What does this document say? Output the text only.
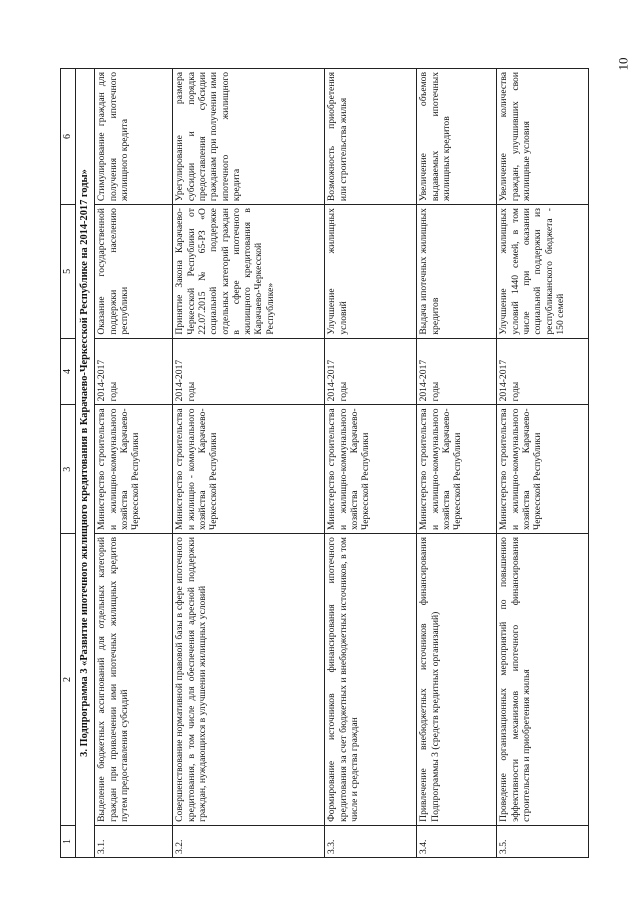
10
1	2	3	4	5	6
3. Подпрограмма 3 «Развитие ипотечного жилищного кредитования в Карачаево-Черкесской Республике на 2014-2017 годы»					
3.1.	Выделение бюджетных ассигнований для отдельных категорий граждан при привлечении ими ипотечных жилищных кредитов путем предоставления субсидий	Министерство строительства и жилищно-коммунального хозяйства Карачаево-Черкесской Республики	2014-2017 годы	Оказание государственной поддержки населению республики	Стимулирование граждан для получения ипотечного жилищного кредита
3.2.	Совершенствование нормативной правовой базы в сфере ипотечного кредитования, в том числе для обеспечения адресной поддержки граждан, нуждающихся в улучшении жилищных условий	Министерство строительства и жилищно - коммунального хозяйства Карачаево-Черкесской Республики	2014-2017 годы	Принятие Закона Карачаево-Черкесской Республики от 22.07.2015 № 65-РЗ «О социальной поддержке отдельных категорий граждан в сфере ипотечного жилищного кредитования в Карачаево-Черкесской Республике»	Урегулирование размера субсидии и порядка предоставления субсидии гражданам при получении ими ипотечного жилищного кредита
3.3.	Формирование источников финансирования ипотечного кредитования за счет бюджетных и внебюджетных источников, в том числе и средства граждан	Министерство строительства и жилищно-коммунального хозяйства Карачаево-Черкесской Республики	2014-2017 годы	Улучшение жилищных условий	Возможность приобретения или строительства жилья
3.4.	Привлечение внебюджетных источников финансирования Подпрограммы 3 (средств кредитных организаций)	Министерство строительства и жилищно-коммунального хозяйства Карачаево-Черкесской Республики	2014-2017 годы	Выдача ипотечных жилищных кредитов	Увеличение объемов выдаваемых ипотечных жилищных кредитов
3.5.	Проведение организационных мероприятий по повышению эффективности механизмов ипотечного финансирования строительства и приобретения жилья	Министерство строительства и жилищно-коммунального хозяйства Карачаево-Черкесской Республики	2014-2017 годы	Улучшение жилищных условий 1440 семей, в том числе при оказании социальной поддержки из республиканского бюджета - 150 семей	Увеличение количества граждан, улучшивших свои жилищные условия
